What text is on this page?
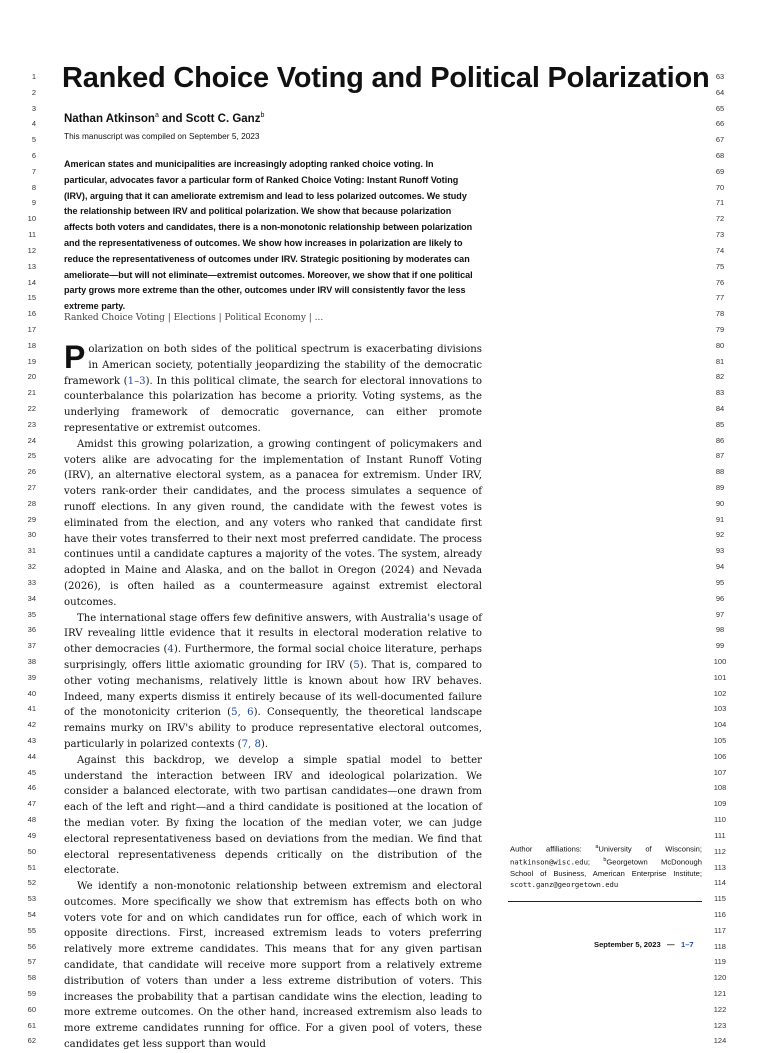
1
2
3
4
5
6
7
8
9
10
11
12
13
14
15
16
17
18
19
20
21
22
23
24
25
26
27
28
29
30
31
32
33
34
35
36
37
38
39
40
41
42
43
44
45
46
47
48
49
50
51
52
53
54
55
56
57
58
59
60
61
62
63
64
65
66
67
68
69
70
71
72
73
74
75
76
77
78
79
80
81
82
83
84
85
86
87
88
89
90
91
92
93
94
95
96
97
98
99
100
101
102
103
104
105
106
107
108
109
110
111
112
113
114
115
116
117
118
119
120
121
122
123
124
Ranked Choice Voting and Political Polarization
Nathan Atkinson$^a$ and Scott C. Ganz$^b$
This manuscript was compiled on September 5, 2023
American states and municipalities are increasingly adopting ranked choice voting. In particular, advocates favor a particular form of Ranked Choice Voting: Instant Runoff Voting (IRV), arguing that it can ameliorate extremism and lead to less polarized outcomes. We study the relationship between IRV and political polarization. We show that because polarization affects both voters and candidates, there is a non-monotonic relationship between polarization and the representativeness of outcomes. We show how increases in polarization are likely to reduce the representativeness of outcomes under IRV. Strategic positioning by moderates can ameliorate—but will not eliminate—extremist outcomes. Moreover, we show that if one political party grows more extreme than the other, outcomes under IRV will consistently favor the less extreme party.
Ranked Choice Voting | Elections | Political Economy | ...

Polarization on both sides of the political spectrum is exacerbating divisions in American society, potentially jeopardizing the stability of the democratic framework (1–3). In this political climate, the search for electoral innovations to counterbalance this polarization has become a priority. Voting systems, as the underlying framework of democratic governance, can either promote representative or extremist outcomes.

Amidst this growing polarization, a growing contingent of policymakers and voters alike are advocating for the implementation of Instant Runoff Voting (IRV), an alternative electoral system, as a panacea for extremism. Under IRV, voters rank-order their candidates, and the process simulates a sequence of runoff elections. In any given round, the candidate with the fewest votes is eliminated from the election, and any voters who ranked that candidate first have their votes transferred to their next most preferred candidate. The process continues until a candidate captures a majority of the votes. The system, already adopted in Maine and Alaska, and on the ballot in Oregon (2024) and Nevada (2026), is often hailed as a countermeasure against extremist electoral outcomes.

The international stage offers few definitive answers, with Australia's usage of IRV revealing little evidence that it results in electoral moderation relative to other democracies (4). Furthermore, the formal social choice literature, perhaps surprisingly, offers little axiomatic grounding for IRV (5). That is, compared to other voting mechanisms, relatively little is known about how IRV behaves. Indeed, many experts dismiss it entirely because of its well-documented failure of the monotonicity criterion (5, 6). Consequently, the theoretical landscape remains murky on IRV's ability to produce representative electoral outcomes, particularly in polarized contexts (7, 8).

Against this backdrop, we develop a simple spatial model to better understand the interaction between IRV and ideological polarization. We consider a balanced electorate, with two partisan candidates—one drawn from each of the left and right—and a third candidate is positioned at the location of the median voter. By fixing the location of the median voter, we can judge electoral representativeness based on deviations from the median. We find that electoral representativeness depends critically on the distribution of the electorate.

We identify a non-monotonic relationship between extremism and electoral outcomes. More specifically we show that extremism has effects both on who voters vote for and on which candidates run for office, each of which work in opposite directions. First, increased extremism leads to voters preferring relatively more extreme candidates. This means that for any given partisan candidate, that candidate will receive more support from a relatively extreme distribution of voters than under a less extreme distribution of voters. This increases the probability that a partisan candidate wins the election, leading to more extreme outcomes. On the other hand, increased extremism also leads to more extreme candidates running for office. For a given pool of voters, these candidates get less support than would

Author affiliations: $^a$University of Wisconsin; natkinson@wisc.edu; $^b$Georgetown McDonough School of Business, American Enterprise Institute; scott.ganz@georgetown.edu
September 5, 2023 — 1–7
